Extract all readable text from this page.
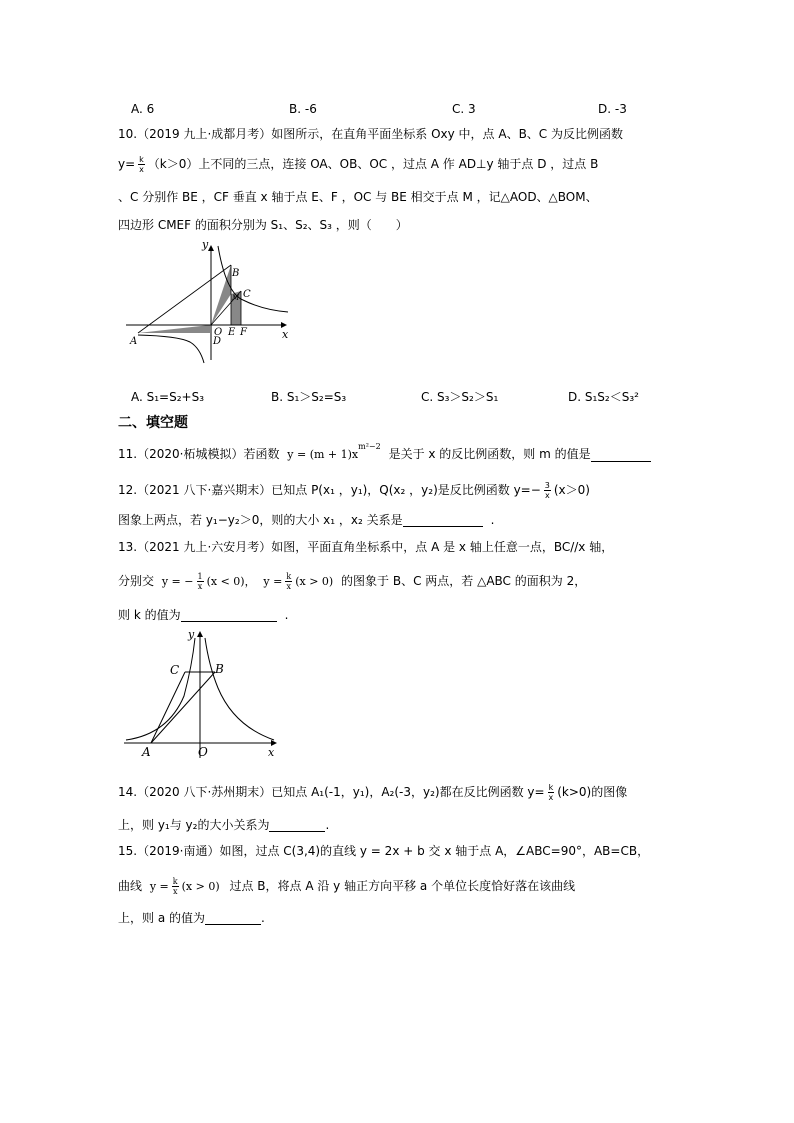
A. 6	B. -6	C. 3	D. -3
10.（2019 九上·成都月考）如图所示，在直角平面坐标系 Oxy 中，点 A、B、C 为反比例函数
$y= \frac{k}{x} (k>0)$上不同的三点，连接 OA、OB、OC ，过点 A 作 AD⊥y 轴于点 D ，过点 B
、C 分别作 BE ，CF 垂直 x 轴于点 E、F ，OC 与 BE 相交于点 M ，记△AOD、△BOM、
四边形 CMEF 的面积分别为 S₁、S₂、S₃ ，则（　　）
y
x
B
C
M
O
D
E F
A
A. S₁=S₂+S₃	B. S₁＞S₂=S₃	C. S₃＞S₂＞S₁	D. S₁S₂＜S₃²
二、填空题
11.（2020·柘城模拟）若函数 $y = (m + 1)x^{m^2-2}$ 是关于 x 的反比例函数，则 m 的值是
12.（2021 八下·嘉兴期末）已知点 P(x₁ ，y₁)，Q(x₂ ，y₂)是反比例函数 $y=- \frac{3}{x} (x>0)$
图象上两点，若 y₁−y₂＞0，则的大小 x₁ ，x₂ 关系是	.
13.（2021 九上·六安月考）如图，平面直角坐标系中，点 A 是 x 轴上任意一点，BC//x 轴，
分别交 y = − $\frac{1}{x} (x < 0)$， $y = \frac{k}{x} (x > 0)$ 的图象于 B、C 两点，若 △ABC 的面积为 2，
则 k 的值为	.
y
x
C	B
A	O
14.（2020 八下·苏州期末）已知点 A₁(-1，y₁)，A₂(-3，y₂)都在反比例函数 $y= \frac{k}{x} (k>0)$的图像
上，则 y₁与 y₂的大小关系为	.
15.（2019·南通）如图，过点 C(3,4)的直线 y = 2x + b 交 x 轴于点 A，∠ABC=90°，AB=CB，
曲线 $y = \frac{k}{x} (x > 0)$ 过点 B，将点 A 沿 y 轴正方向平移 a 个单位长度恰好落在该曲线
上，则 a 的值为	.
